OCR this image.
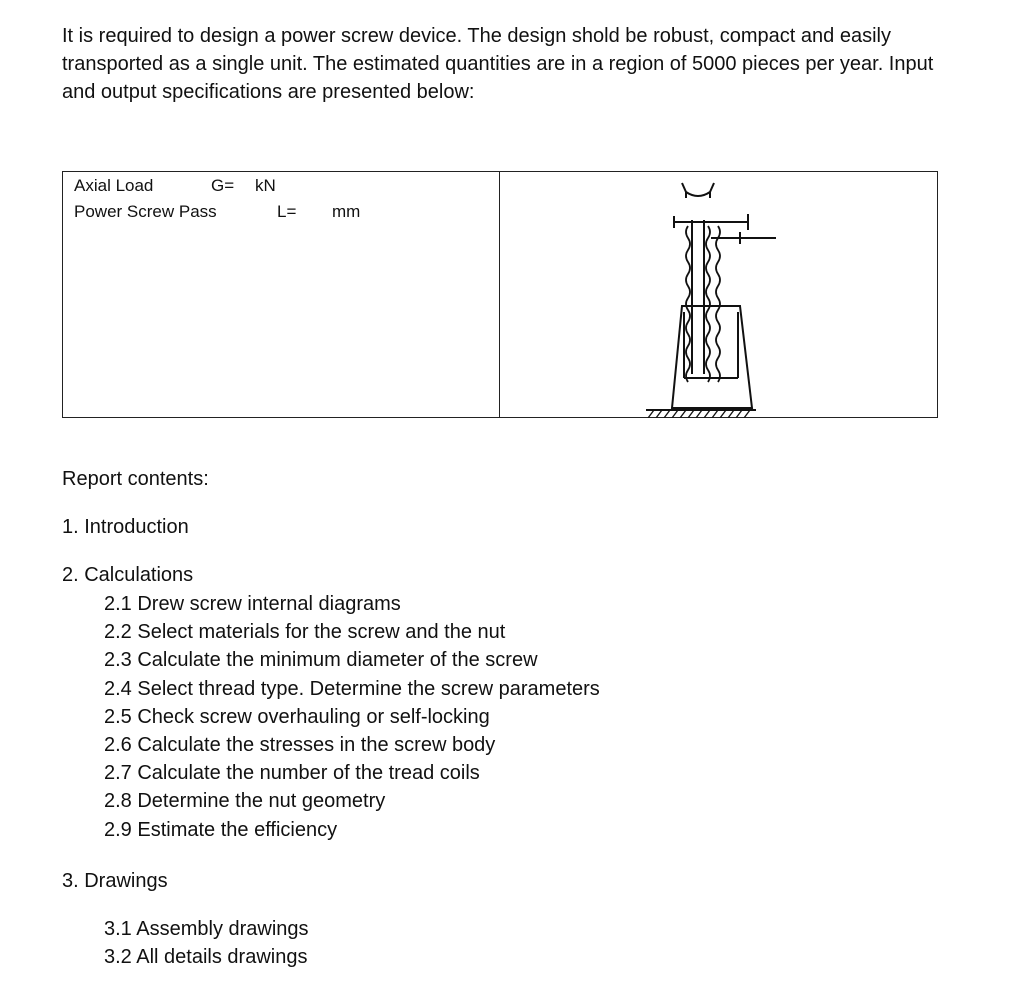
It is required to design a power screw device. The design shold be robust, compact and easily transported as a single unit. The estimated quantities are in a region of 5000 pieces per year. Input and output specifications are presented below:

Axial Load	G= kN
Power Screw Pass	L= mm
Report contents:
1. Introduction
2. Calculations
2.1 Drew screw internal diagrams
2.2 Select materials for the screw and the nut
2.3 Calculate the minimum diameter of the screw
2.4 Select thread type. Determine the screw parameters
2.5 Check screw overhauling or self-locking
2.6 Calculate the stresses in the screw body
2.7 Calculate the number of the tread coils
2.8 Determine the nut geometry
2.9 Estimate the efficiency
3. Drawings
3.1 Assembly drawings
3.2 All details drawings
